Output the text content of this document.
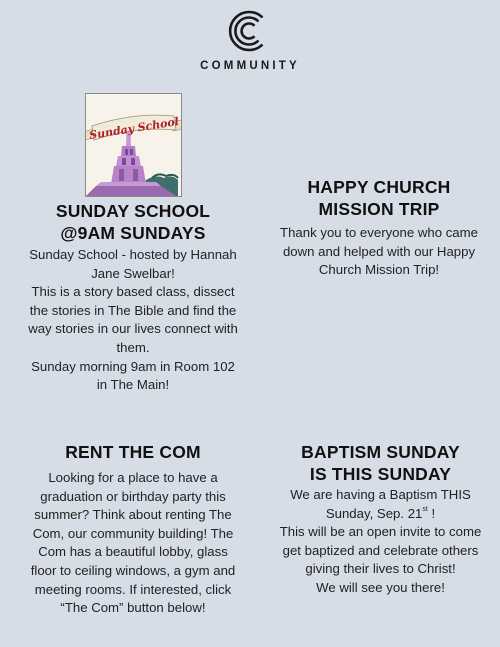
COMMUNITY
Sunday School
SUNDAY SCHOOL
@9AM SUNDAYS

Sunday School - hosted by Hannah

Jane Swelbar!

This is a story based class, dissect

the stories in The Bible and find the

way stories in our lives connect with

them.

Sunday morning 9am in Room 102

in The Main!

HAPPY CHURCH
MISSION TRIP

Thank you to everyone who came

down and helped with our Happy

Church Mission Trip!

RENT THE COM

Looking for a place to have a

graduation or birthday party this

summer? Think about renting The

Com, our community building! The

Com has a beautiful lobby, glass

floor to ceiling windows, a gym and

meeting rooms. If interested, click

“The Com” button below!

BAPTISM SUNDAY
IS THIS SUNDAY

We are having a Baptism THIS

Sunday, Sep. 21st !

This will be an open invite to come

get baptized and celebrate others

giving their lives to Christ!

We will see you there!
